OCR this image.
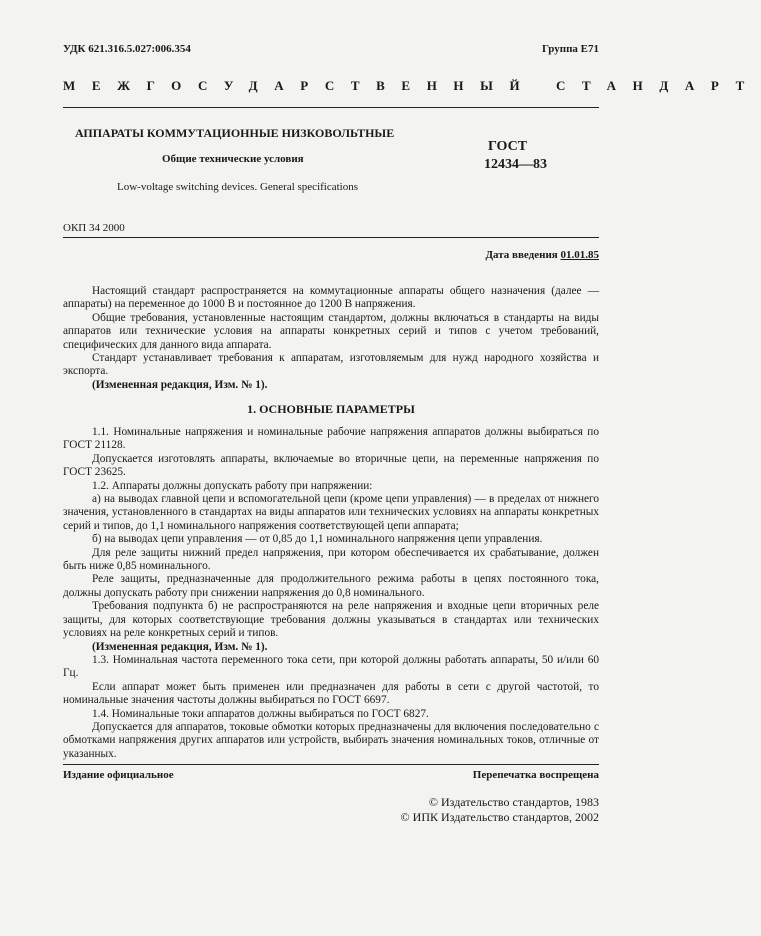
УДК 621.316.5.027:006.354	Группа Е71
МЕЖГОСУДАРСТВЕННЫЙ СТАНДАРТ
АППАРАТЫ КОММУТАЦИОННЫЕ НИЗКОВОЛЬТНЫЕ
Общие технические условия
Low-voltage switching devices. General specifications
ГОСТ
12434—83
ОКП 34 2000
Дата введения 01.01.85

Настоящий стандарт распространяется на коммутационные аппараты общего назначения (далее — аппараты) на переменное до 1000 В и постоянное до 1200 В напряжения.

Общие требования, установленные настоящим стандартом, должны включаться в стандарты на виды аппаратов или технические условия на аппараты конкретных серий и типов с учетом требований, специфических для данного вида аппарата.

Стандарт устанавливает требования к аппаратам, изготовляемым для нужд народного хозяйства и экспорта.

(Измененная редакция, Изм. № 1).

1. ОСНОВНЫЕ ПАРАМЕТРЫ

1.1. Номинальные напряжения и номинальные рабочие напряжения аппаратов должны выбираться по ГОСТ 21128.

Допускается изготовлять аппараты, включаемые во вторичные цепи, на переменные напряжения по ГОСТ 23625.

1.2. Аппараты должны допускать работу при напряжении:

а) на выводах главной цепи и вспомогательной цепи (кроме цепи управления) — в пределах от нижнего значения, установленного в стандартах на виды аппаратов или технических условиях на аппараты конкретных серий и типов, до 1,1 номинального напряжения соответствующей цепи аппарата;

б) на выводах цепи управления — от 0,85 до 1,1 номинального напряжения цепи управления.

Для реле защиты нижний предел напряжения, при котором обеспечивается их срабатывание, должен быть ниже 0,85 номинального.

Реле защиты, предназначенные для продолжительного режима работы в цепях постоянного тока, должны допускать работу при снижении напряжения до 0,8 номинального.

Требования подпункта б) не распространяются на реле напряжения и входные цепи вторичных реле защиты, для которых соответствующие требования должны указываться в стандартах или технических условиях на реле конкретных серий и типов.

(Измененная редакция, Изм. № 1).

1.3. Номинальная частота переменного тока сети, при которой должны работать аппараты, 50 и/или 60 Гц.

Если аппарат может быть применен или предназначен для работы в сети с другой частотой, то номинальные значения частоты должны выбираться по ГОСТ 6697.

1.4. Номинальные токи аппаратов должны выбираться по ГОСТ 6827.

Допускается для аппаратов, токовые обмотки которых предназначены для включения последовательно с обмотками напряжения других аппаратов или устройств, выбирать значения номинальных токов, отличные от указанных.

Издание официальное	Перепечатка воспрещена
© Издательство стандартов, 1983
© ИПК Издательство стандартов, 2002
